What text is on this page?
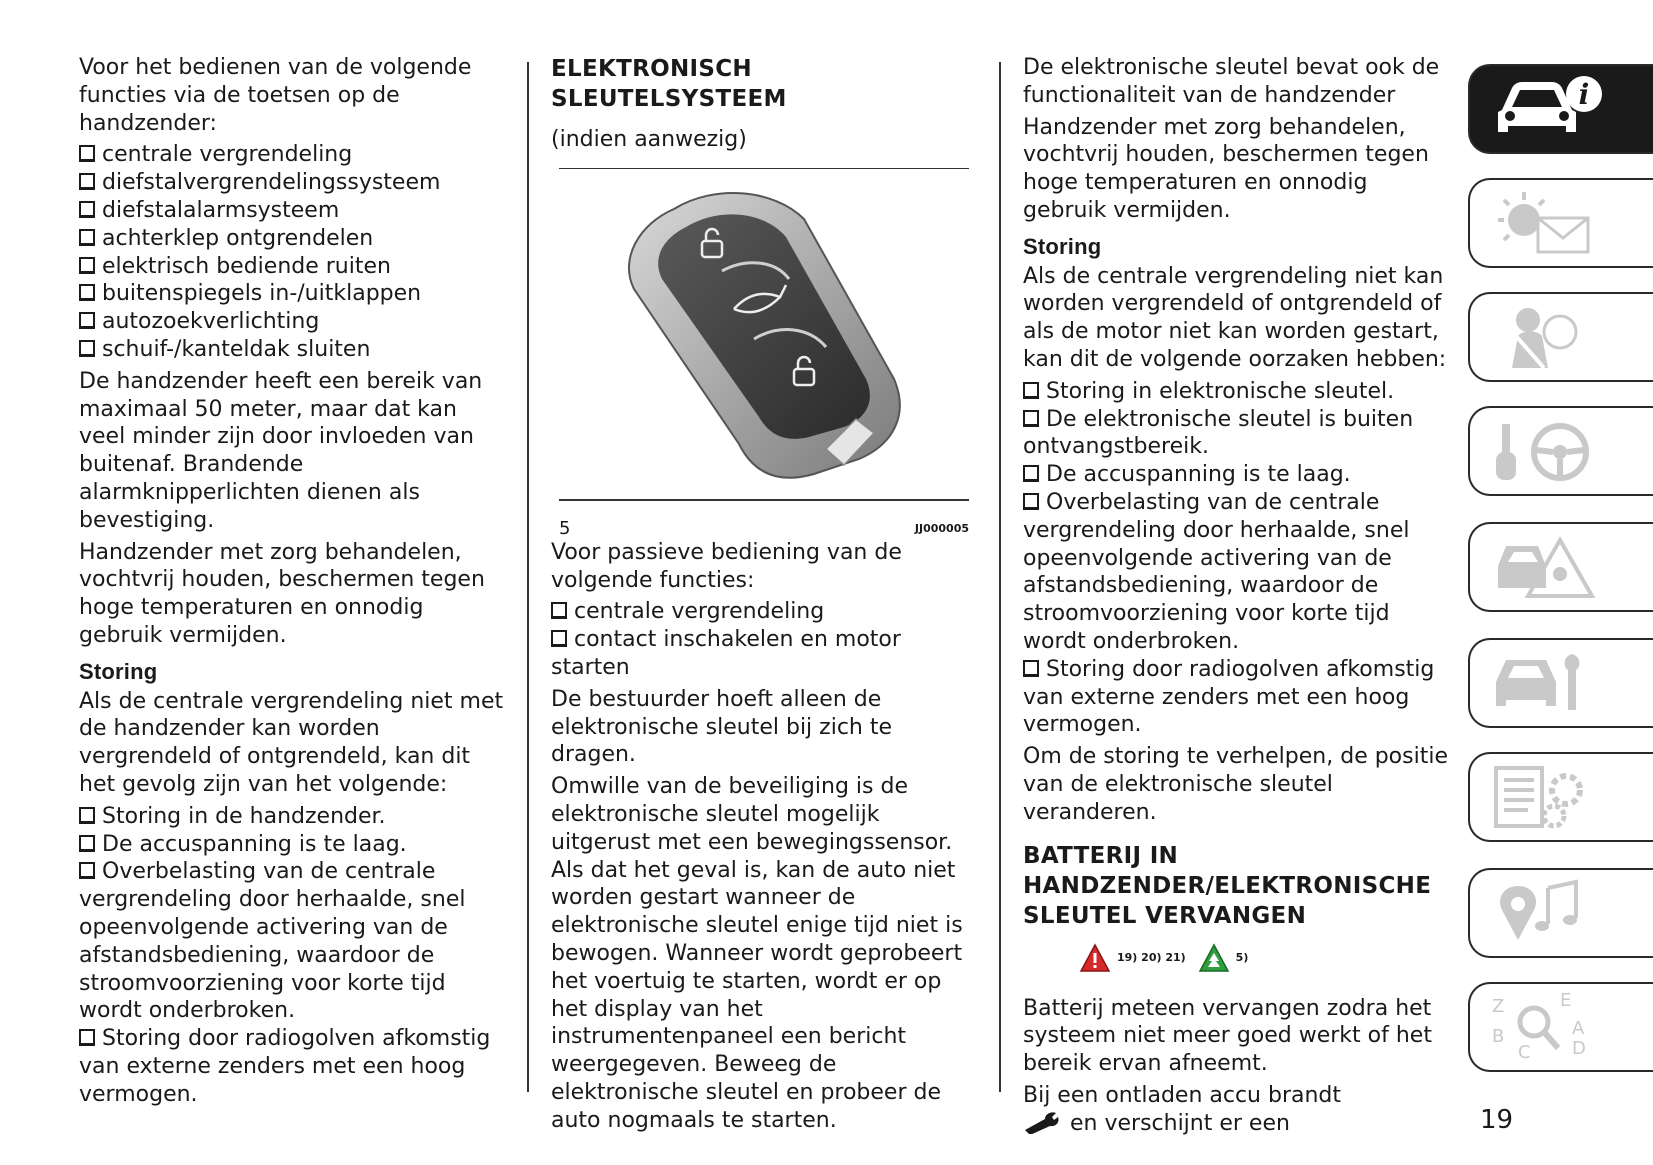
Voor het bedienen van de volgende functies via de toetsen op de handzender:

centrale vergrendeling
diefstalvergrendelingssysteem
diefstalalarmsysteem
achterklep ontgrendelen
elektrisch bediende ruiten
buitenspiegels in-/uitklappen
autozoekverlichting
schuif-/kanteldak sluiten

De handzender heeft een bereik van maximaal 50 meter, maar dat kan veel minder zijn door invloeden van buitenaf. Brandende alarmknipperlichten dienen als bevestiging.

Handzender met zorg behandelen, vochtvrij houden, beschermen tegen hoge temperaturen en onnodig gebruik vermijden.

Storing

Als de centrale vergrendeling niet met de handzender kan worden vergrendeld of ontgrendeld, kan dit het gevolg zijn van het volgende:

Storing in de handzender.
De accuspanning is te laag.
Overbelasting van de centrale vergrendeling door herhaalde, snel opeenvolgende activering van de afstandsbediening, waardoor de stroomvoorziening voor korte tijd wordt onderbroken.
Storing door radiogolven afkomstig van externe zenders met een hoog vermogen.
ELEKTRONISCH SLEUTELSYSTEEM

(indien aanwezig)

5	JJ000005

Voor passieve bediening van de volgende functies:

centrale vergrendeling
contact inschakelen en motor starten

De bestuurder hoeft alleen de elektronische sleutel bij zich te dragen.

Omwille van de beveiliging is de elektronische sleutel mogelijk uitgerust met een bewegingssensor. Als dat het geval is, kan de auto niet worden gestart wanneer de elektronische sleutel enige tijd niet is bewogen. Wanneer wordt geprobeert het voertuig te starten, wordt er op het display van het instrumentenpaneel een bericht weergegeven. Beweeg de elektronische sleutel en probeer de auto nogmaals te starten.

De elektronische sleutel bevat ook de functionaliteit van de handzender

Handzender met zorg behandelen, vochtvrij houden, beschermen tegen hoge temperaturen en onnodig gebruik vermijden.

Storing

Als de centrale vergrendeling niet kan worden vergrendeld of ontgrendeld of als de motor niet kan worden gestart, kan dit de volgende oorzaken hebben:

Storing in elektronische sleutel.
De elektronische sleutel is buiten ontvangstbereik.
De accuspanning is te laag.
Overbelasting van de centrale vergrendeling door herhaalde, snel opeenvolgende activering van de afstandsbediening, waardoor de stroomvoorziening voor korte tijd wordt onderbroken.
Storing door radiogolven afkomstig van externe zenders met een hoog vermogen.

Om de storing te verhelpen, de positie van de elektronische sleutel veranderen.

BATTERIJ IN HANDZENDER/ELEKTRONISCHE SLEUTEL VERVANGEN
19) 20) 21)	5)

Batterij meteen vervangen zodra het systeem niet meer goed werkt of het bereik ervan afneemt.

Bij een ontladen accu brandt
en verschijnt er een

i
Z	E
B	A
C D
19
